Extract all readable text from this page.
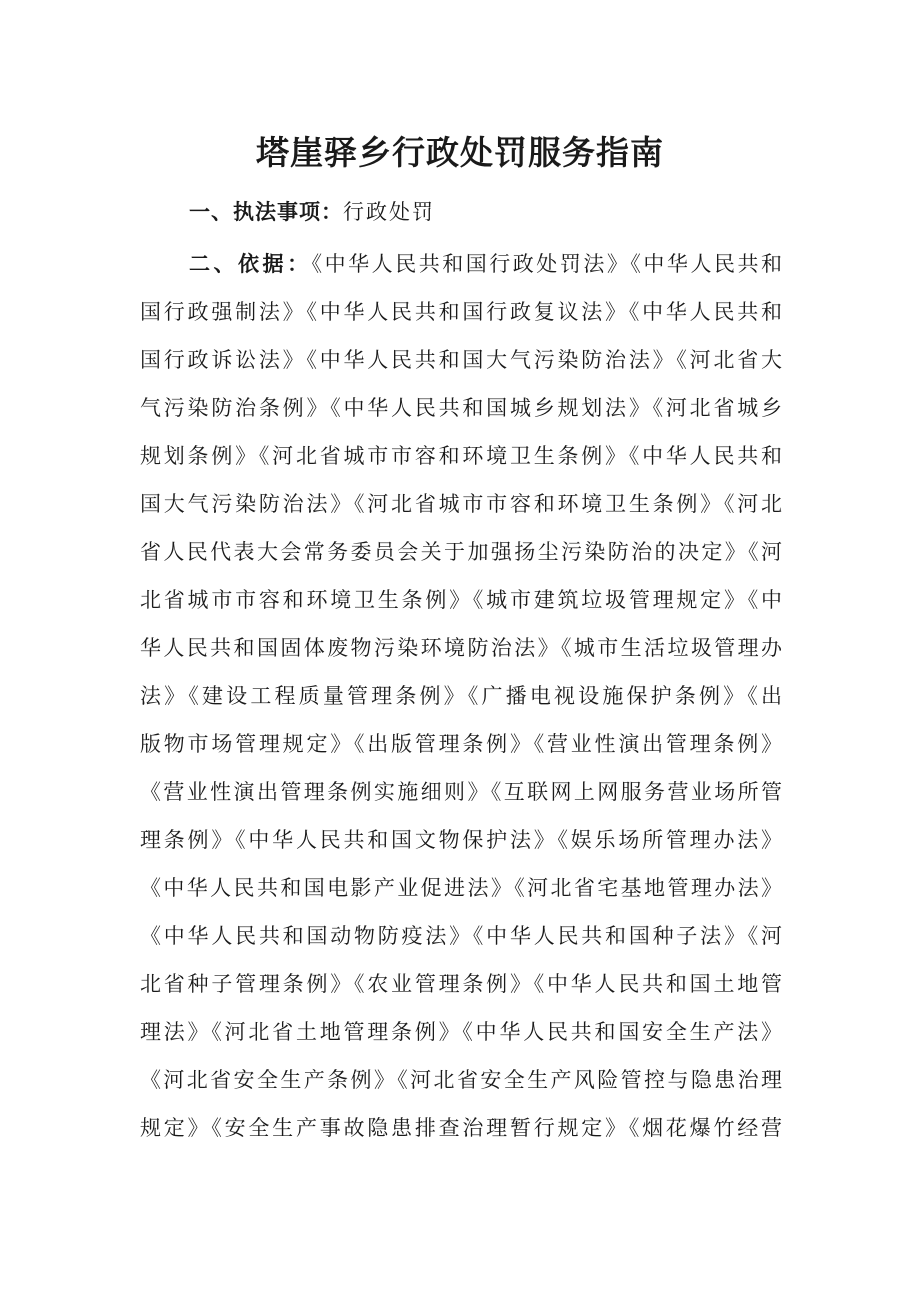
塔崖驿乡行政处罚服务指南

一、执法事项：行政处罚

二、依据：《中华人民共和国行政处罚法》《中华人民共和
国行政强制法》《中华人民共和国行政复议法》《中华人民共和
国行政诉讼法》《中华人民共和国大气污染防治法》《河北省大
气污染防治条例》《中华人民共和国城乡规划法》《河北省城乡
规划条例》《河北省城市市容和环境卫生条例》《中华人民共和
国大气污染防治法》《河北省城市市容和环境卫生条例》《河北
省人民代表大会常务委员会关于加强扬尘污染防治的决定》《河
北省城市市容和环境卫生条例》《城市建筑垃圾管理规定》《中
华人民共和国固体废物污染环境防治法》《城市生活垃圾管理办
法》《建设工程质量管理条例》《广播电视设施保护条例》《出
版物市场管理规定》《出版管理条例》《营业性演出管理条例》
《营业性演出管理条例实施细则》《互联网上网服务营业场所管
理条例》《中华人民共和国文物保护法》《娱乐场所管理办法》
《中华人民共和国电影产业促进法》《河北省宅基地管理办法》
《中华人民共和国动物防疫法》《中华人民共和国种子法》《河
北省种子管理条例》《农业管理条例》《中华人民共和国土地管
理法》《河北省土地管理条例》《中华人民共和国安全生产法》
《河北省安全生产条例》《河北省安全生产风险管控与隐患治理
规定》《安全生产事故隐患排查治理暂行规定》《烟花爆竹经营
